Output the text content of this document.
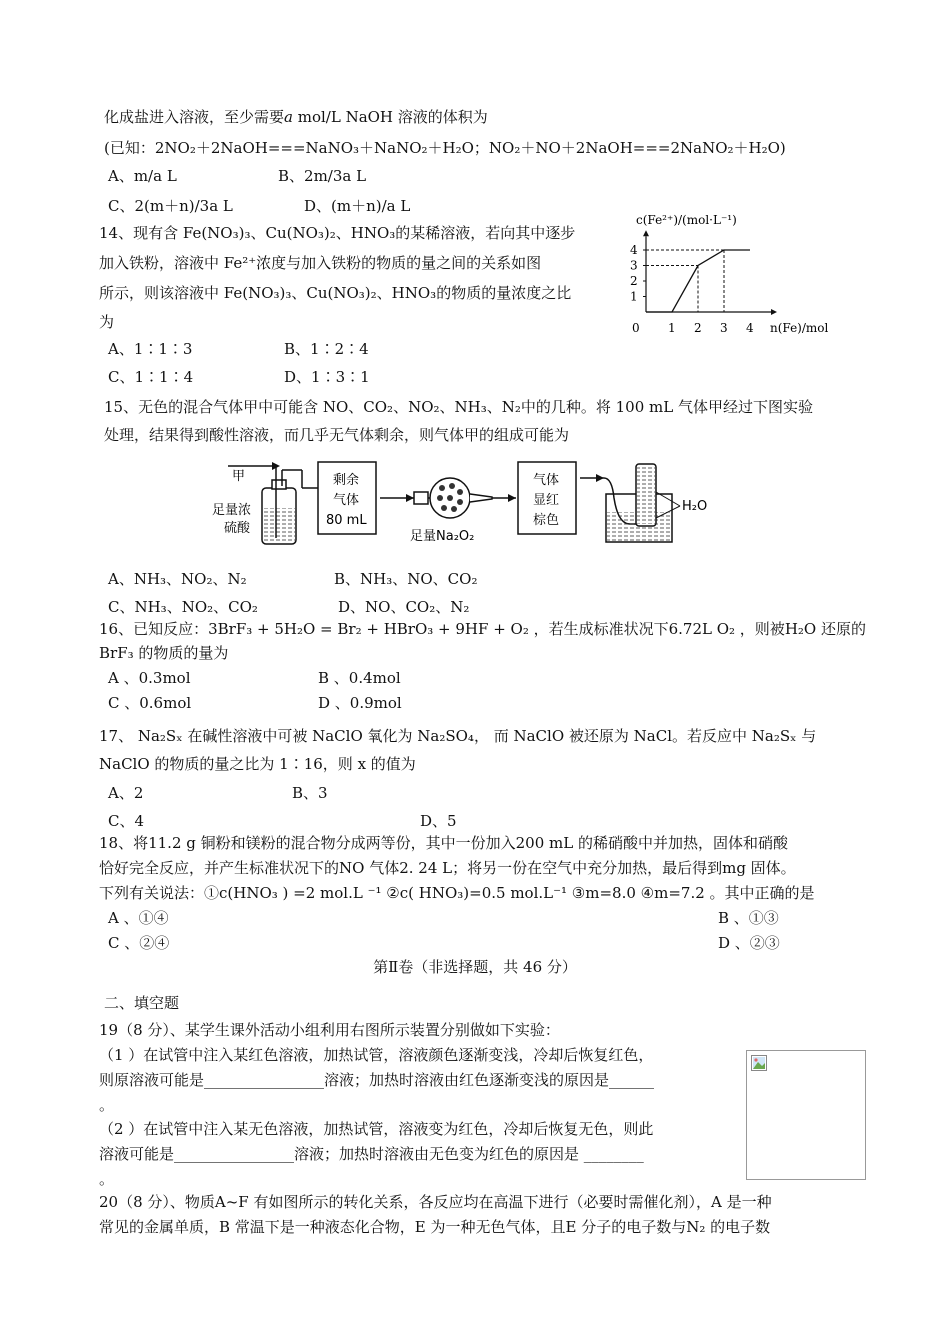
化成盐进入溶液，至少需要a mol/L NaOH 溶液的体积为
(已知：2NO₂＋2NaOH===NaNO₃＋NaNO₂＋H₂O；NO₂＋NO＋2NaOH===2NaNO₂＋H₂O)
A、m/a L	B、2m/3a L
C、2(m＋n)/3a L	D、(m＋n)/a L
14、现有含 Fe(NO₃)₃、Cu(NO₃)₂、HNO₃的某稀溶液，若向其中逐步
加入铁粉，溶液中 Fe²⁺浓度与加入铁粉的物质的量之间的关系如图
所示，则该溶液中 Fe(NO₃)₃、Cu(NO₃)₂、HNO₃的物质的量浓度之比
为
A、1∶1∶3	B、1∶2∶4
C、1∶1∶4	D、1∶3∶1
c(Fe²⁺)/(mol·L⁻¹)
n(Fe)/mol
0 1 2 3 4
1
2
3
4
15、无色的混合气体甲中可能含 NO、CO₂、NO₂、NH₃、N₂中的几种。将 100 mL 气体甲经过下图实验
处理，结果得到酸性溶液，而几乎无气体剩余，则气体甲的组成可能为
甲
足量浓
硫酸
剩余
气体
80 mL
足量Na₂O₂
气体
显红
棕色
H₂O
A、NH₃、NO₂、N₂	B、NH₃、NO、CO₂
C、NH₃、NO₂、CO₂	D、NO、CO₂、N₂
16、已知反应：3BrF₃ + 5H₂O = Br₂ + HBrO₃ + 9HF + O₂ ，若生成标准状况下6.72L O₂ ，则被H₂O 还原的
BrF₃ 的物质的量为
A 、0.3mol	B 、0.4mol
C 、0.6mol	D 、0.9mol
17、 Na₂Sₓ 在碱性溶液中可被 NaClO 氧化为 Na₂SO₄， 而 NaClO 被还原为 NaCl。若反应中 Na₂Sₓ 与
NaClO 的物质的量之比为 1∶16，则 x 的值为
A、2	B、3
C、4	D、5
18、将11.2 g 铜粉和镁粉的混合物分成两等份，其中一份加入200 mL 的稀硝酸中并加热，固体和硝酸
恰好完全反应，并产生标准状况下的NO 气体2. 24 L；将另一份在空气中充分加热，最后得到mg 固体。
下列有关说法：①c(HNO₃ ) =2 mol.L ⁻¹ ②c( HNO₃)=0.5 mol.L⁻¹ ③m=8.0 ④m=7.2 。其中正确的是
A 、①④	B 、①③
C 、②④	D 、②③
第Ⅱ卷（非选择题，共 46 分）
二、填空题
19（8 分）、某学生课外活动小组利用右图所示装置分别做如下实验：
（1 ）在试管中注入某红色溶液，加热试管，溶液颜色逐渐变浅，冷却后恢复红色，
则原溶液可能是________________溶液；加热时溶液由红色逐渐变浅的原因是______
。
（2 ）在试管中注入某无色溶液，加热试管，溶液变为红色，冷却后恢复无色，则此
溶液可能是________________溶液；加热时溶液由无色变为红色的原因是 ________
。
20（8 分）、物质A~F 有如图所示的转化关系，各反应均在高温下进行（必要时需催化剂），A 是一种
常见的金属单质，B 常温下是一种液态化合物，E 为一种无色气体，且E 分子的电子数与N₂ 的电子数
